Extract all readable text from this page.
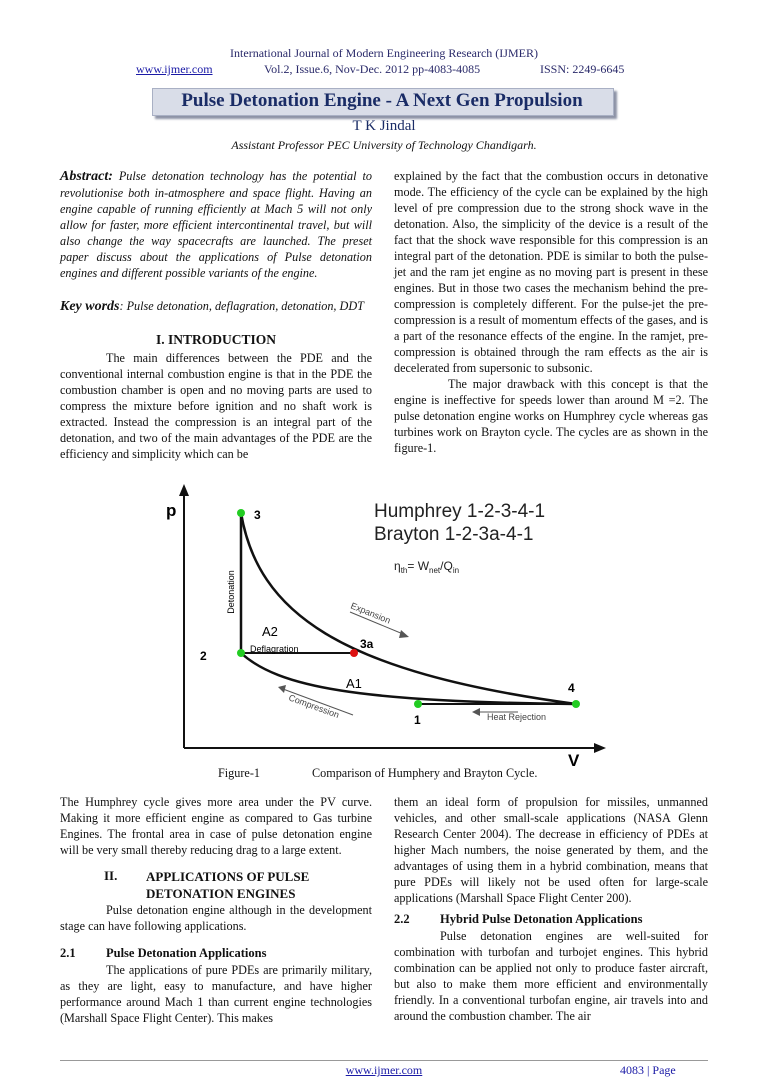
International Journal of Modern Engineering Research (IJMER)
www.ijmer.com	Vol.2, Issue.6, Nov-Dec. 2012 pp-4083-4085	ISSN: 2249-6645
Pulse Detonation Engine - A Next Gen Propulsion
T K Jindal
Assistant Professor PEC University of Technology Chandigarh.

Abstract: Pulse detonation technology has the potential to revolutionise both in-atmosphere and space flight. Having an engine capable of running efficiently at Mach 5 will not only allow for faster, more efficient intercontinental travel, but will also change the way spacecrafts are launched. The preset paper discuss about the applications of Pulse detonation engines and different possible variants of the engine.

Key words: Pulse detonation, deflagration, detonation, DDT

I. INTRODUCTION

The main differences between the PDE and the conventional internal combustion engine is that in the PDE the combustion chamber is open and no moving parts are used to compress the mixture before ignition and no shaft work is extracted. Instead the compression is an integral part of the detonation, and two of the main advantages of the PDE are the efficiency and simplicity which can be

explained by the fact that the combustion occurs in detonative mode. The efficiency of the cycle can be explained by the high level of pre compression due to the strong shock wave in the detonation. Also, the simplicity of the device is a result of the fact that the shock wave responsible for this compression is an integral part of the detonation. PDE is similar to both the pulse-jet and the ram jet engine as no moving part is present in these engines. But in those two cases the mechanism behind the pre-compression is completely different. For the pulse-jet the pre-compression is a result of momentum effects of the gases, and is a part of the resonance effects of the engine. In the ramjet, pre-compression is obtained through the ram effects as the air is decelerated from supersonic to subsonic.

The major drawback with this concept is that the engine is ineffective for speeds lower than around M =2. The pulse detonation engine works on Humphrey cycle whereas gas turbines work on Brayton cycle. The cycles are as shown in the figure-1.

p
V
Humphrey 1-2-3-4-1
Brayton 1-2-3a-4-1
$\eta_{th}= W_{net}/Q_{in}$
A2
A1
Deflagration
Detonation	Expansion
Compression	Heat Rejection
3
2
3a
4
1
Figure-1	Comparison of Humphery and Brayton Cycle.

The Humphrey cycle gives more area under the PV curve. Making it more efficient engine as compared to Gas turbine Engines. The frontal area in case of pulse detonation engine will be very small thereby reducing drag to a large extent.

II. APPLICATIONS OF PULSE
DETONATION ENGINES

Pulse detonation engine although in the development stage can have following applications.

2.1 Pulse Detonation Applications

The applications of pure PDEs are primarily military, as they are light, easy to manufacture, and have higher performance around Mach 1 than current engine technologies (Marshall Space Flight Center). This makes

them an ideal form of propulsion for missiles, unmanned vehicles, and other small-scale applications (NASA Glenn Research Center 2004). The decrease in efficiency of PDEs at higher Mach numbers, the noise generated by them, and the advantages of using them in a hybrid combination, means that pure PDEs will likely not be used often for large-scale applications (Marshall Space Flight Center 200).

2.2 Hybrid Pulse Detonation Applications

Pulse detonation engines are well-suited for combination with turbofan and turbojet engines. This hybrid combination can be applied not only to produce faster aircraft, but also to make them more efficient and environmentally friendly. In a conventional turbofan engine, air travels into and around the combustion chamber. The air

www.ijmer.com	4083 | Page
